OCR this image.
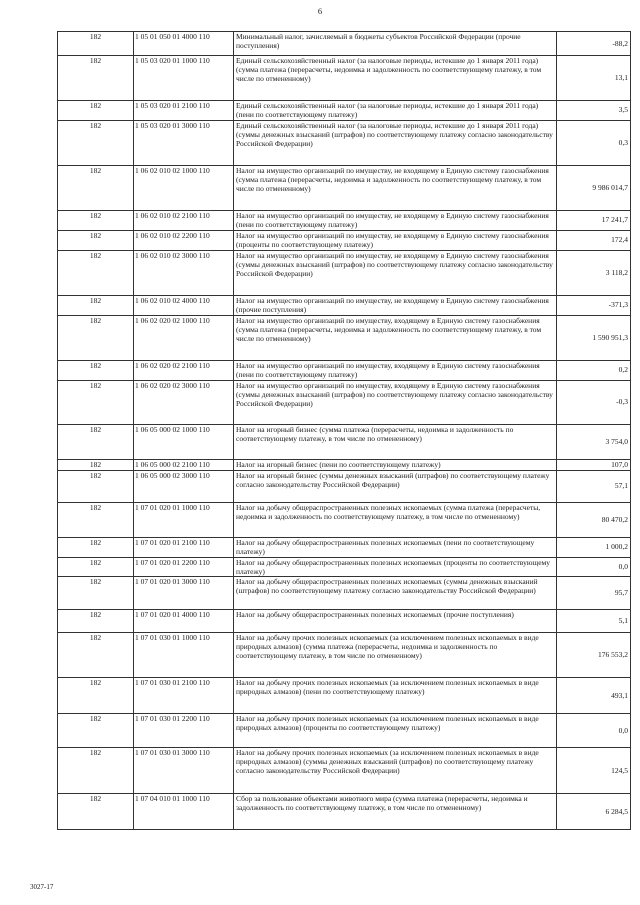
6
182	1 05 01 050 01 4000 110	Минимальный налог, зачисляемый в бюджеты субъектов Российской Федерации (прочие поступления)	-88,2
182	1 05 03 020 01 1000 110	Единый сельскохозяйственный налог (за налоговые периоды, истекшие до 1 января 2011 года) (сумма платежа (перерасчеты, недоимка и задолженность по соответствующему платежу, в том числе по отмененному)	13,1
182	1 05 03 020 01 2100 110	Единый сельскохозяйственный налог (за налоговые периоды, истекшие до 1 января 2011 года) (пени по соответствующему платежу)	3,5
182	1 05 03 020 01 3000 110	Единый сельскохозяйственный налог (за налоговые периоды, истекшие до 1 января 2011 года) (суммы денежных взысканий (штрафов) по соответствующему платежу согласно законодательству Российской Федерации)	0,3
182	1 06 02 010 02 1000 110	Налог на имущество организаций по имуществу, не входящему в Единую систему газоснабжения (сумма платежа (перерасчеты, недоимка и задолженность по соответствующему платежу, в том числе по отмененному)	9 986 014,7
182	1 06 02 010 02 2100 110	Налог на имущество организаций по имуществу, не входящему в Единую систему газоснабжения (пени по соответствующему платежу)	17 241,7
182	1 06 02 010 02 2200 110	Налог на имущество организаций по имуществу, не входящему в Единую систему газоснабжения (проценты по соответствующему платежу)	172,4
182	1 06 02 010 02 3000 110	Налог на имущество организаций по имуществу, не входящему в Единую систему газоснабжения (суммы денежных взысканий (штрафов) по соответствующему платежу согласно законодательству Российской Федерации)	3 118,2
182	1 06 02 010 02 4000 110	Налог на имущество организаций по имуществу, не входящему в Единую систему газоснабжения (прочие поступления)	-371,3
182	1 06 02 020 02 1000 110	Налог на имущество организаций по имуществу, входящему в Единую систему газоснабжения (сумма платежа (перерасчеты, недоимка и задолженность по соответствующему платежу, в том числе по отмененному)	1 590 951,3
182	1 06 02 020 02 2100 110	Налог на имущество организаций по имуществу, входящему в Единую систему газоснабжения (пени по соответствующему платежу)	0,2
182	1 06 02 020 02 3000 110	Налог на имущество организаций по имуществу, входящему в Единую систему газоснабжения (суммы денежных взысканий (штрафов) по соответствующему платежу согласно законодательству Российской Федерации)	-0,3
182	1 06 05 000 02 1000 110	Налог на игорный бизнес (сумма платежа (перерасчеты, недоимка и задолженность по соответствующему платежу, в том числе по отмененному)	3 754,0
182	1 06 05 000 02 2100 110	Налог на игорный бизнес (пени по соответствующему платежу)	107,0
182	1 06 05 000 02 3000 110	Налог на игорный бизнес (суммы денежных взысканий (штрафов) по соответствующему платежу согласно законодательству Российской Федерации)	57,1
182	1 07 01 020 01 1000 110	Налог на добычу общераспространенных полезных ископаемых (сумма платежа (перерасчеты, недоимка и задолженность по соответствующему платежу, в том числе по отмененному)	80 470,2
182	1 07 01 020 01 2100 110	Налог на добычу общераспространенных полезных ископаемых (пени по соответствующему платежу)	1 000,2
182	1 07 01 020 01 2200 110	Налог на добычу общераспространенных полезных ископаемых (проценты по соответствующему платежу)	0,0
182	1 07 01 020 01 3000 110	Налог на добычу общераспространенных полезных ископаемых (суммы денежных взысканий (штрафов) по соответствующему платежу согласно законодательству Российской Федерации)	95,7
182	1 07 01 020 01 4000 110	Налог на добычу общераспространенных полезных ископаемых (прочие поступления)	5,1
182	1 07 01 030 01 1000 110	Налог на добычу прочих полезных ископаемых (за исключением полезных ископаемых в виде природных алмазов) (сумма платежа (перерасчеты, недоимка и задолженность по соответствующему платежу, в том числе по отмененному)	176 553,2
182	1 07 01 030 01 2100 110	Налог на добычу прочих полезных ископаемых (за исключением полезных ископаемых в виде природных алмазов) (пени по соответствующему платежу)	493,1
182	1 07 01 030 01 2200 110	Налог на добычу прочих полезных ископаемых (за исключением полезных ископаемых в виде природных алмазов) (проценты по соответствующему платежу)	0,0
182	1 07 01 030 01 3000 110	Налог на добычу прочих полезных ископаемых (за исключением полезных ископаемых в виде природных алмазов) (суммы денежных взысканий (штрафов) по соответствующему платежу согласно законодательству Российской Федерации)	124,5
182	1 07 04 010 01 1000 110	Сбор за пользование объектами животного мира (сумма платежа (перерасчеты, недоимка и задолженность по соответствующему платежу, в том числе по отмененному)	6 284,5
3027-17
